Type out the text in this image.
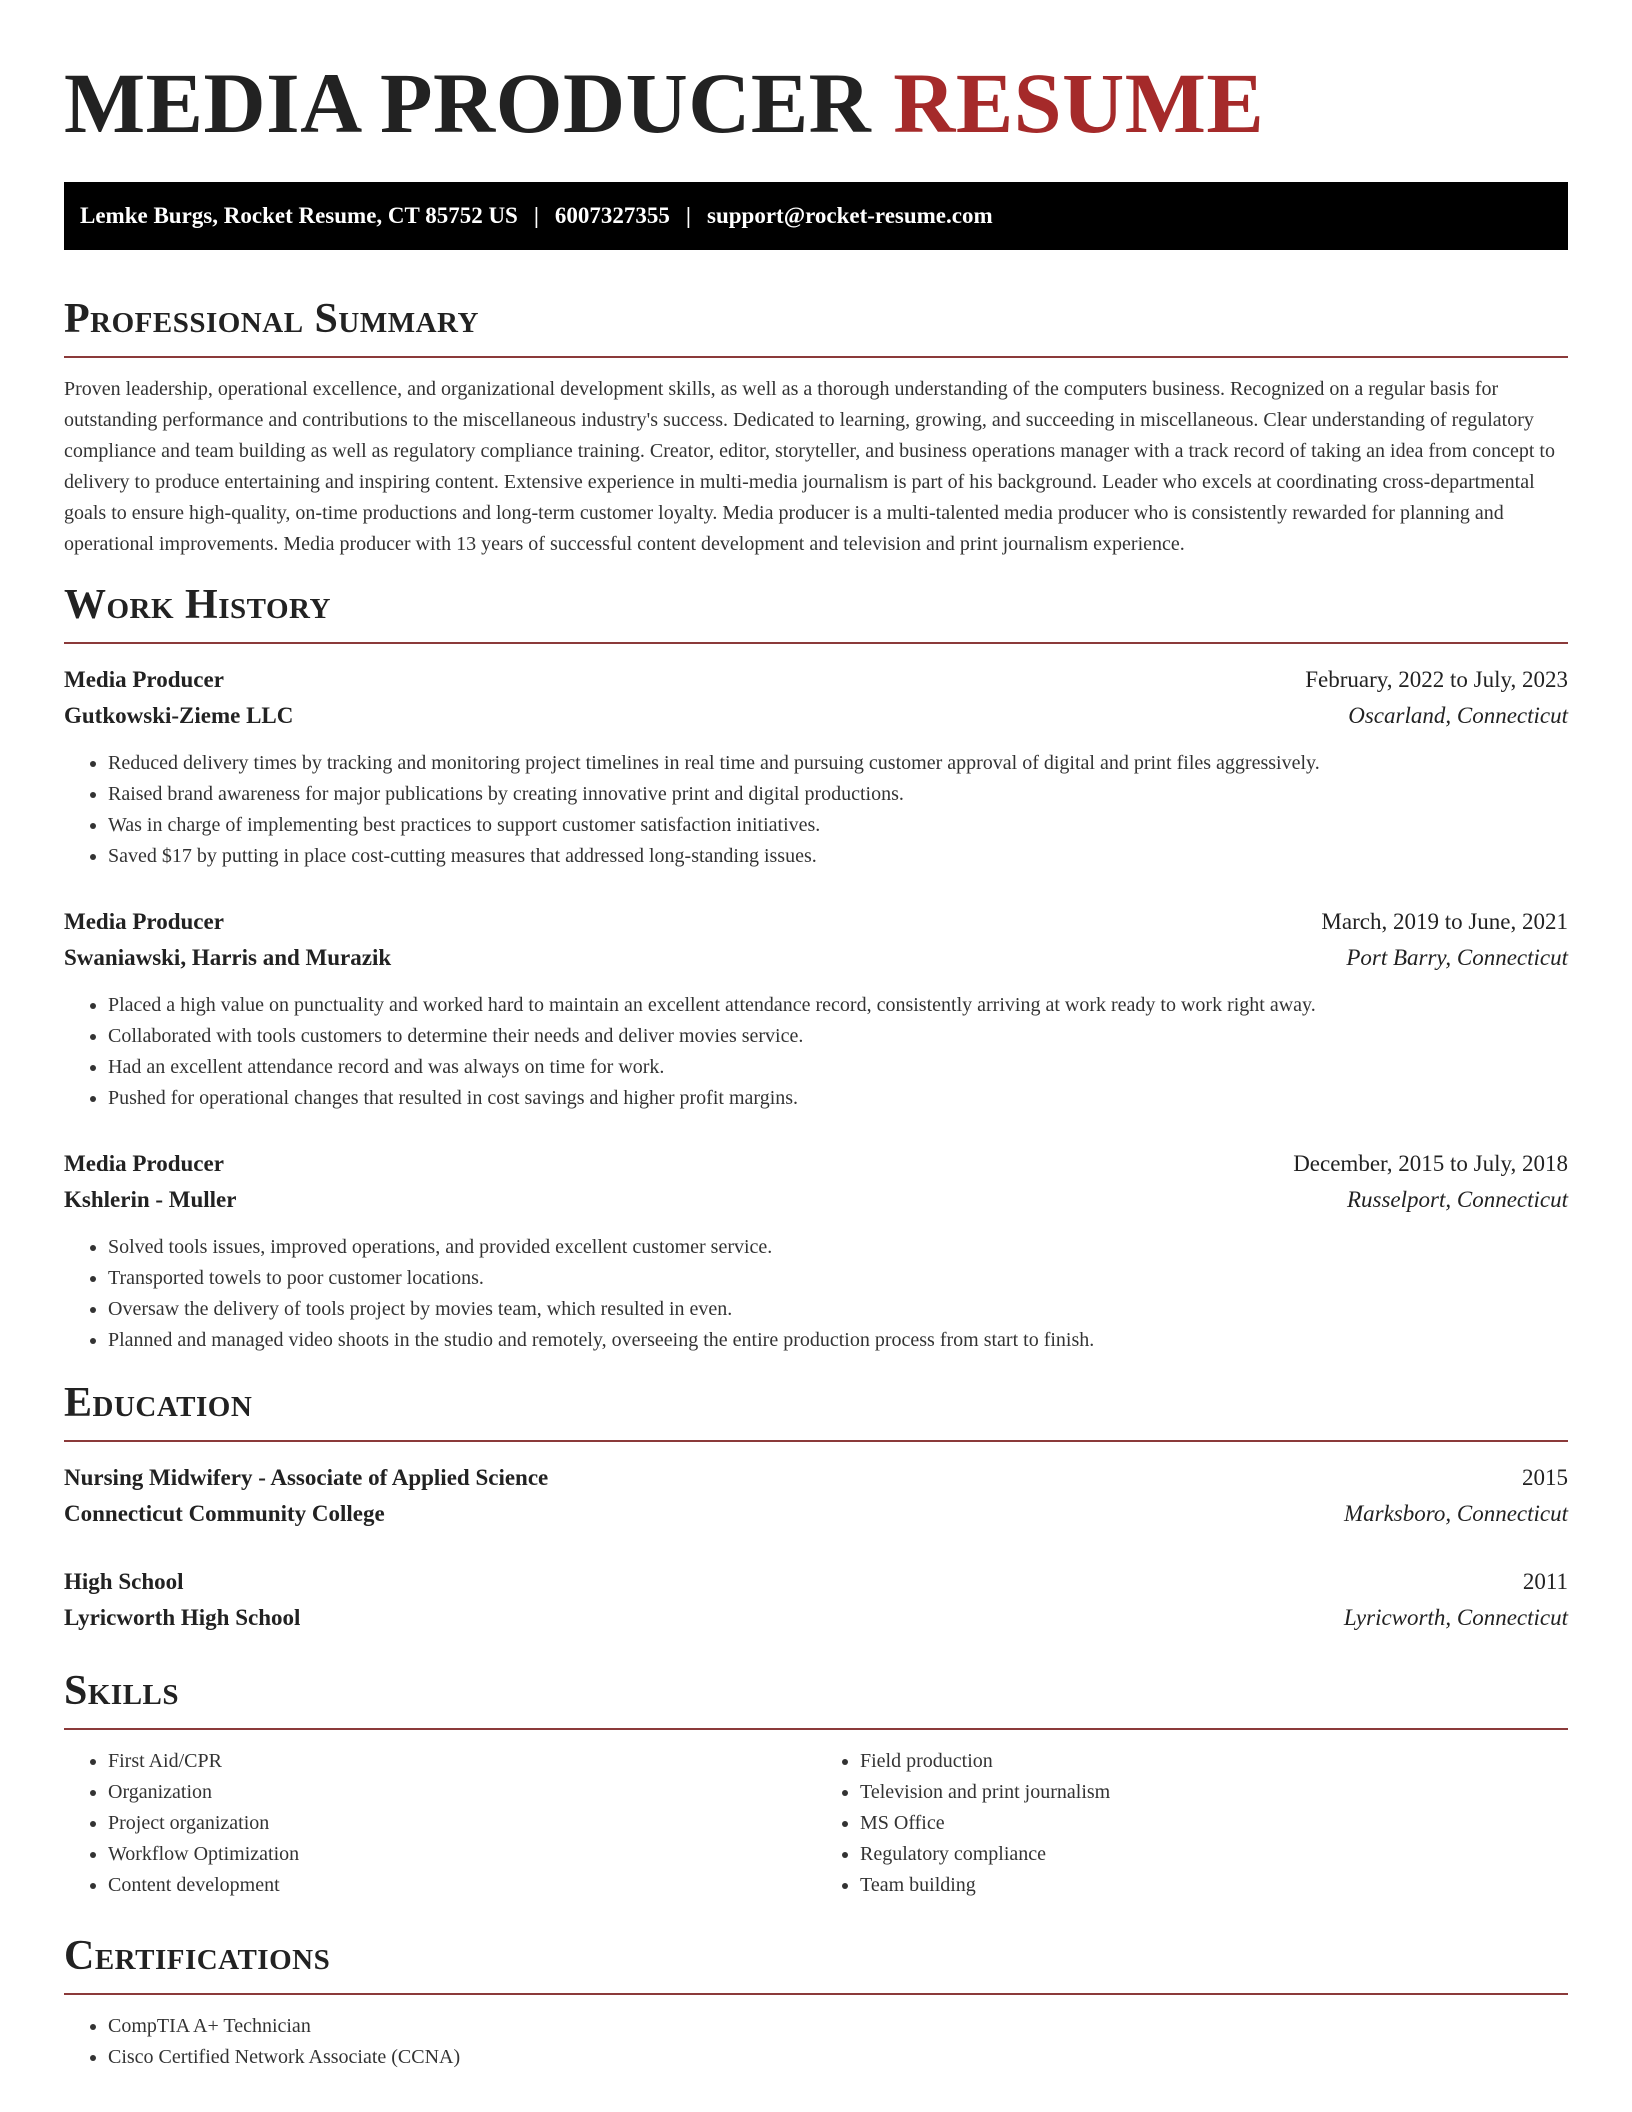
MEDIA PRODUCER RESUME
Lemke Burgs, Rocket Resume, CT 85752 US | 6007327355 | support@rocket-resume.com
Professional Summary

Proven leadership, operational excellence, and organizational development skills, as well as a thorough understanding of the computers business. Recognized on a regular basis for outstanding performance and contributions to the miscellaneous industry's success. Dedicated to learning, growing, and succeeding in miscellaneous. Clear understanding of regulatory compliance and team building as well as regulatory compliance training. Creator, editor, storyteller, and business operations manager with a track record of taking an idea from concept to delivery to produce entertaining and inspiring content. Extensive experience in multi-media journalism is part of his background. Leader who excels at coordinating cross-departmental goals to ensure high-quality, on-time productions and long-term customer loyalty. Media producer is a multi-talented media producer who is consistently rewarded for planning and operational improvements. Media producer with 13 years of successful content development and television and print journalism experience.

Work History
Media Producer	February, 2022 to July, 2023
Gutkowski-Zieme LLC	Oscarland, Connecticut
• Reduced delivery times by tracking and monitoring project timelines in real time and pursuing customer approval of digital and print files aggressively.
• Raised brand awareness for major publications by creating innovative print and digital productions.
• Was in charge of implementing best practices to support customer satisfaction initiatives.
• Saved $17 by putting in place cost-cutting measures that addressed long-standing issues.
Media Producer	March, 2019 to June, 2021
Swaniawski, Harris and Murazik	Port Barry, Connecticut
• Placed a high value on punctuality and worked hard to maintain an excellent attendance record, consistently arriving at work ready to work right away.
• Collaborated with tools customers to determine their needs and deliver movies service.
• Had an excellent attendance record and was always on time for work.
• Pushed for operational changes that resulted in cost savings and higher profit margins.
Media Producer	December, 2015 to July, 2018
Kshlerin - Muller	Russelport, Connecticut
• Solved tools issues, improved operations, and provided excellent customer service.
• Transported towels to poor customer locations.
• Oversaw the delivery of tools project by movies team, which resulted in even.
• Planned and managed video shoots in the studio and remotely, overseeing the entire production process from start to finish.
Education
Nursing Midwifery - Associate of Applied Science	2015
Connecticut Community College	Marksboro, Connecticut
High School	2011
Lyricworth High School	Lyricworth, Connecticut
Skills
• First Aid/CPR
• Organization
• Project organization
• Workflow Optimization
• Content development
• Field production
• Television and print journalism
• MS Office
• Regulatory compliance
• Team building
Certifications
• CompTIA A+ Technician
• Cisco Certified Network Associate (CCNA)
